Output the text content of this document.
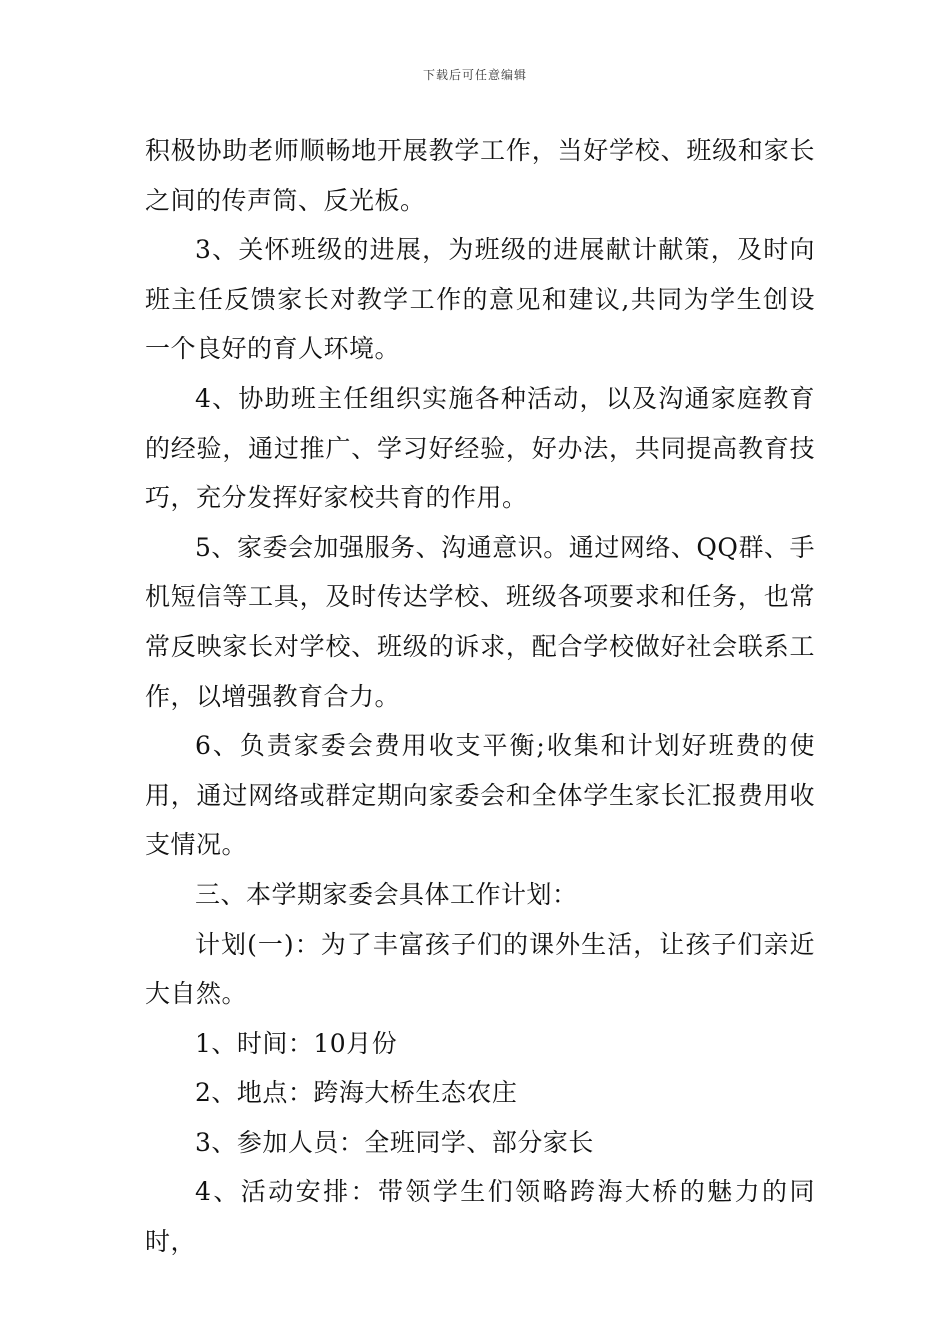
下载后可任意编辑

积极协助老师顺畅地开展教学工作，当好学校、班级和家长之间的传声筒、反光板。

3、关怀班级的进展，为班级的进展献计献策，及时向班主任反馈家长对教学工作的意见和建议,共同为学生创设一个良好的育人环境。

4、协助班主任组织实施各种活动，以及沟通家庭教育的经验，通过推广、学习好经验，好办法，共同提高教育技巧，充分发挥好家校共育的作用。

5、家委会加强服务、沟通意识。通过网络、QQ群、手机短信等工具，及时传达学校、班级各项要求和任务，也常常反映家长对学校、班级的诉求，配合学校做好社会联系工作，以增强教育合力。

6、负责家委会费用收支平衡;收集和计划好班费的使用，通过网络或群定期向家委会和全体学生家长汇报费用收支情况。

三、本学期家委会具体工作计划：

计划(一)：为了丰富孩子们的课外生活，让孩子们亲近大自然。

1、时间：10月份

2、地点：跨海大桥生态农庄

3、参加人员：全班同学、部分家长

4、活动安排：带领学生们领略跨海大桥的魅力的同时，
